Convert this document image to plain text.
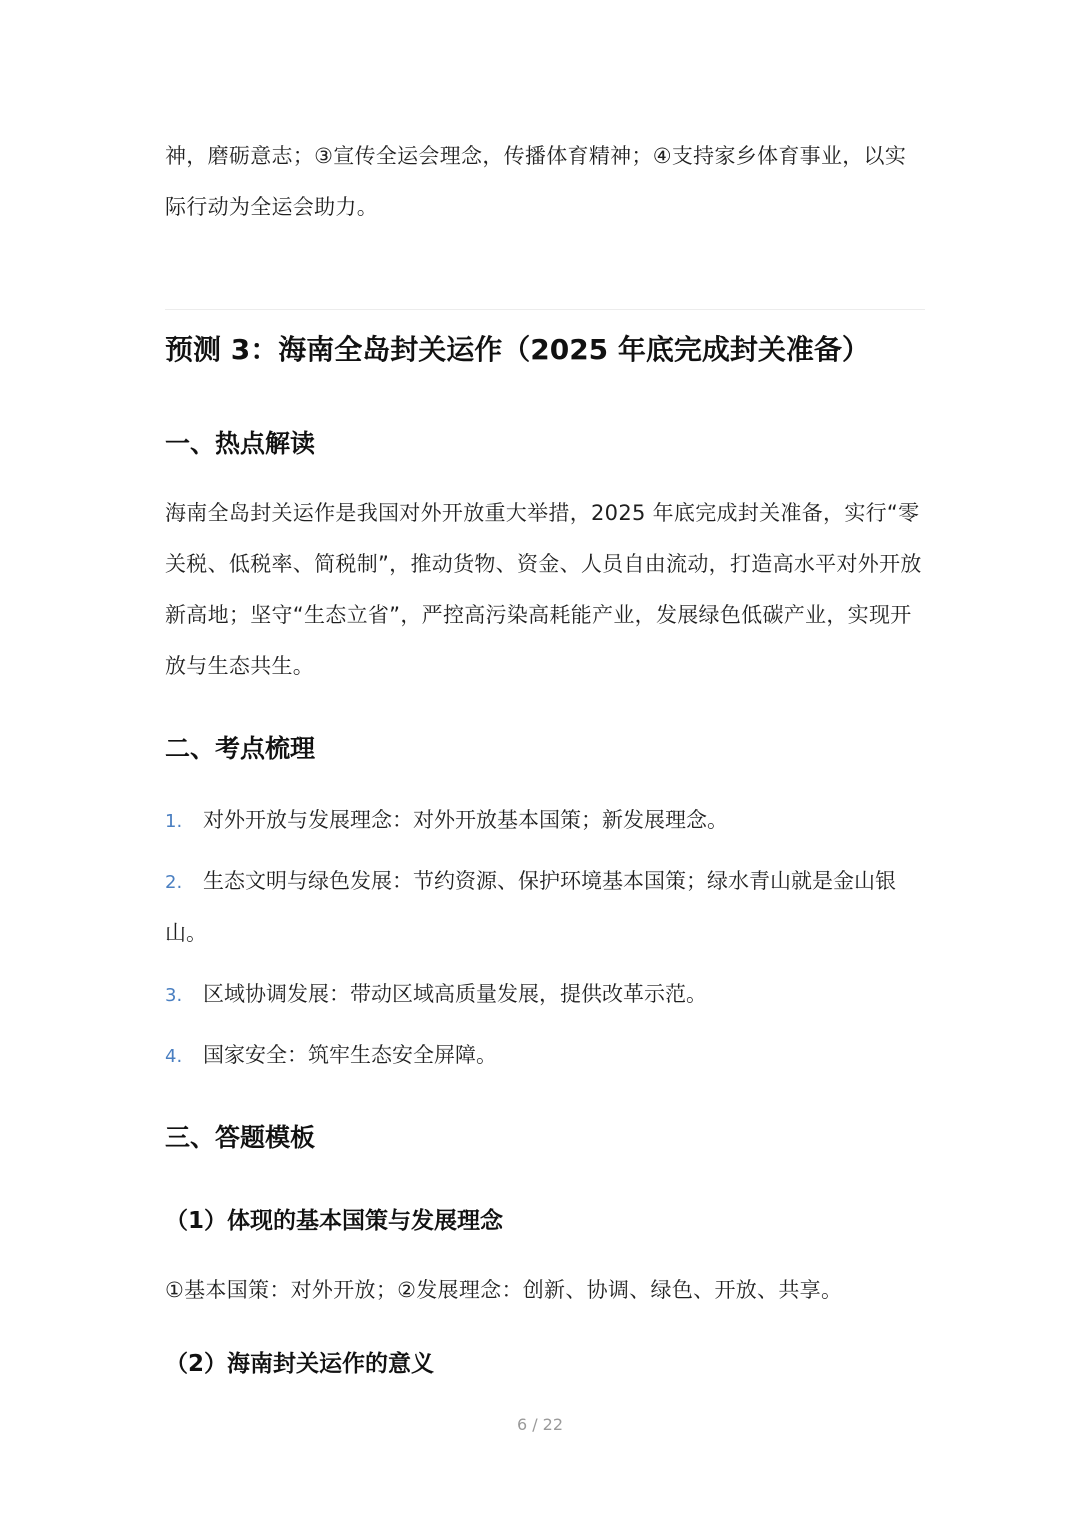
神，磨砺意志；③宣传全运会理念，传播体育精神；④支持家乡体育事业，以实际行动为全运会助力。
预测 3：海南全岛封关运作（2025 年底完成封关准备）
一、热点解读
海南全岛封关运作是我国对外开放重大举措，2025 年底完成封关准备，实行“零关税、低税率、简税制”，推动货物、资金、人员自由流动，打造高水平对外开放新高地；坚守“生态立省”，严控高污染高耗能产业，发展绿色低碳产业，实现开放与生态共生。
二、考点梳理
1. 对外开放与发展理念：对外开放基本国策；新发展理念。
2. 生态文明与绿色发展：节约资源、保护环境基本国策；绿水青山就是金山银山。
3. 区域协调发展：带动区域高质量发展，提供改革示范。
4. 国家安全：筑牢生态安全屏障。
三、答题模板
（1）体现的基本国策与发展理念
①基本国策：对外开放；②发展理念：创新、协调、绿色、开放、共享。
（2）海南封关运作的意义
6 / 22
